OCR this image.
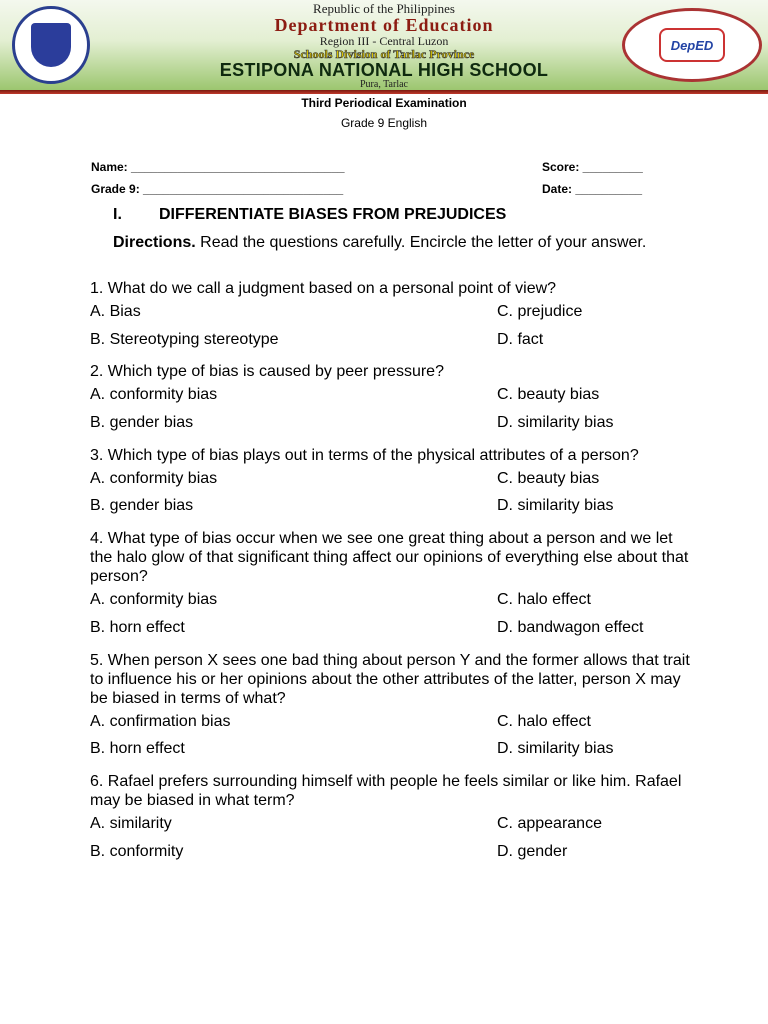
DepED
Republic of the Philippines
Department of Education
Region III - Central Luzon
Schools Division of Tarlac Province
ESTIPONA NATIONAL HIGH SCHOOL
Pura, Tarlac
Third Periodical Examination
Grade 9 English
Name: ________________________________	Score: _________
Grade 9: ______________________________	Date: __________
I.	DIFFERENTIATE BIASES FROM PREJUDICES
Directions. Read the questions carefully. Encircle the letter of your answer.
1. What do we call a judgment based on a personal point of view?
A. Bias	C. prejudice
B. Stereotyping stereotype	D. fact
2. Which type of bias is caused by peer pressure?
A. conformity bias	C. beauty bias
B. gender bias	D. similarity bias
3. Which type of bias plays out in terms of the physical attributes of a person?
A. conformity bias	C. beauty bias
B. gender bias	D. similarity bias
4. What type of bias occur when we see one great thing about a person and we let the halo glow of that significant thing affect our opinions of everything else about that person?
A. conformity bias	C. halo effect
B. horn effect	D. bandwagon effect
5. When person X sees one bad thing about person Y and the former allows that trait to influence his or her opinions about the other attributes of the latter, person X may be biased in terms of what?
A. confirmation bias	C. halo effect
B. horn effect	D. similarity bias
6. Rafael prefers surrounding himself with people he feels similar or like him. Rafael may be biased in what term?
A. similarity	C. appearance
B. conformity	D. gender
